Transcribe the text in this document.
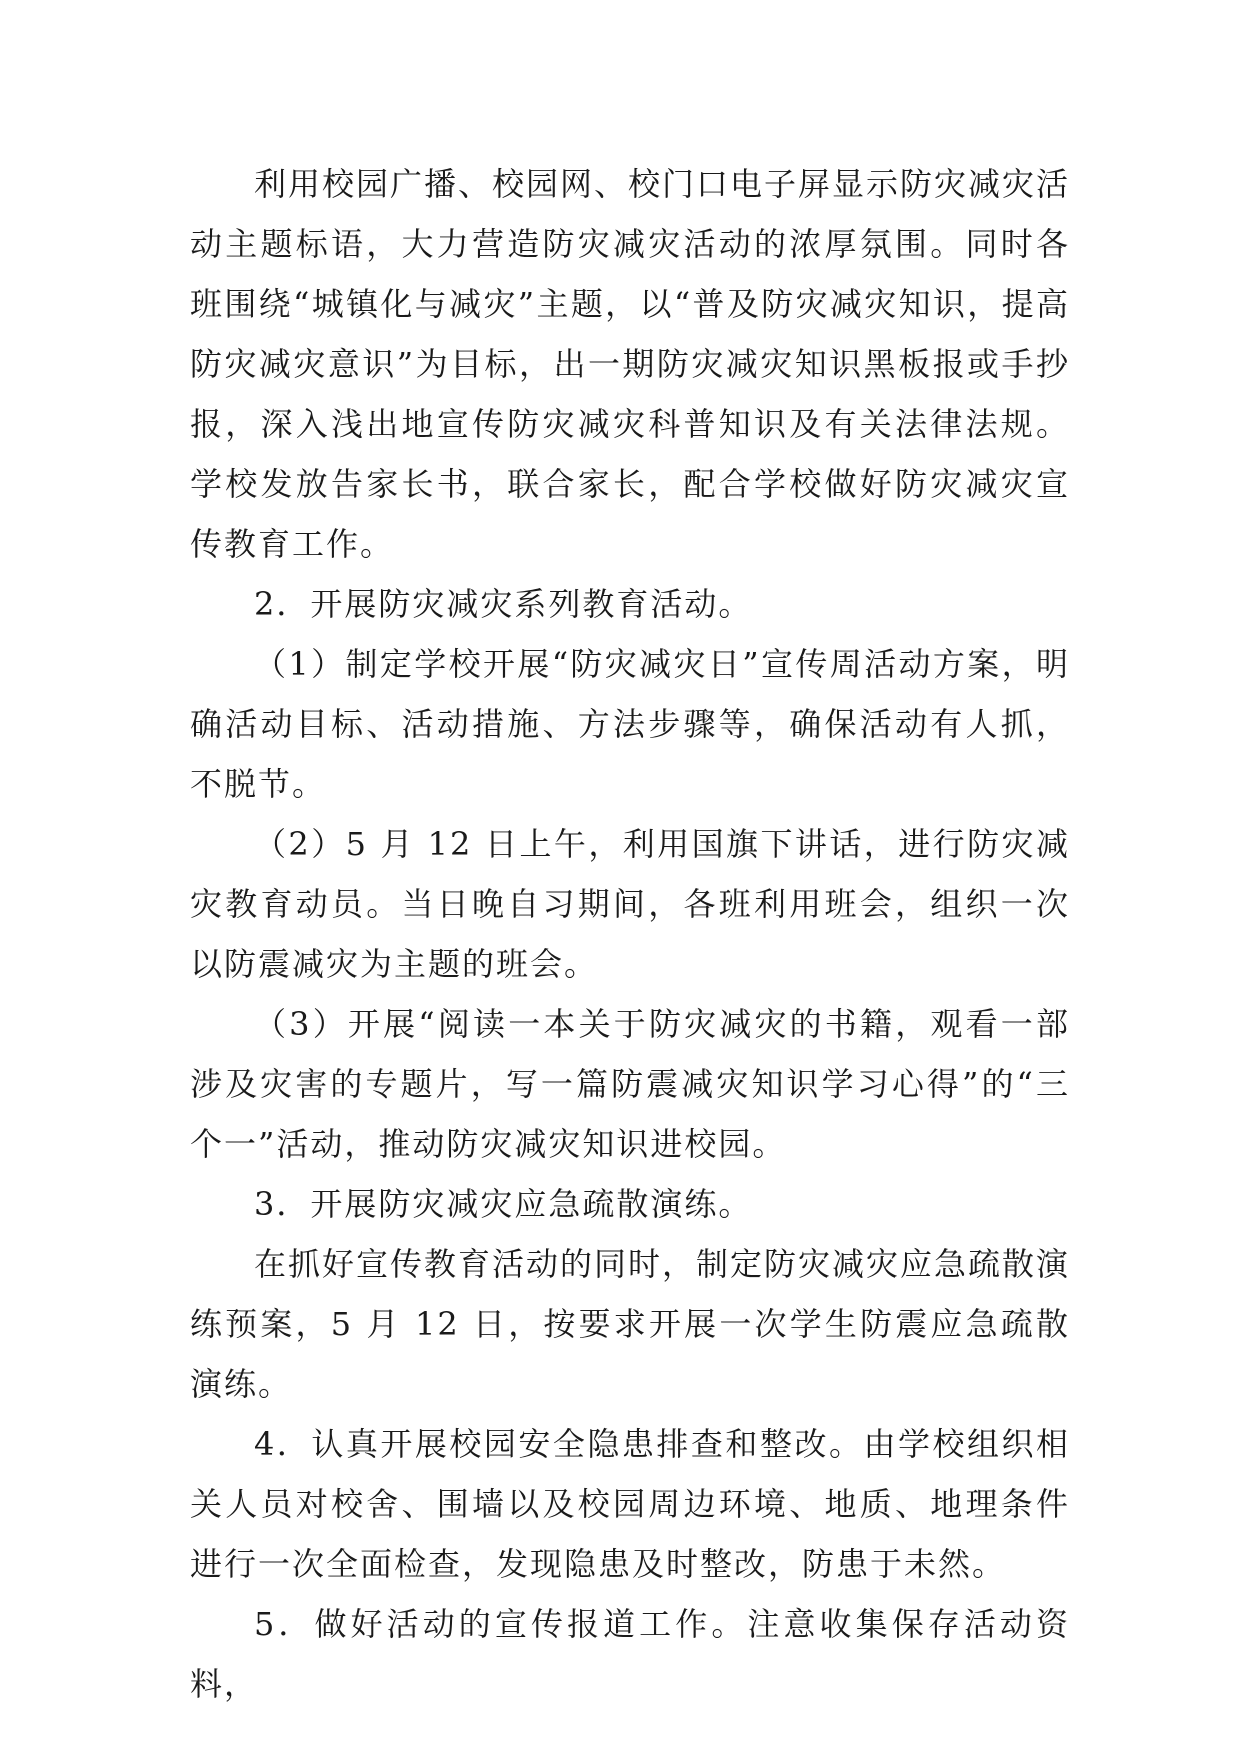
利用校园广播、校园网、校门口电子屏显示防灾减灾活动主题标语，大力营造防灾减灾活动的浓厚氛围。同时各班围绕“城镇化与减灾”主题，以“普及防灾减灾知识，提高防灾减灾意识”为目标，出一期防灾减灾知识黑板报或手抄报，深入浅出地宣传防灾减灾科普知识及有关法律法规。学校发放告家长书，联合家长，配合学校做好防灾减灾宣传教育工作。

2．开展防灾减灾系列教育活动。

（1）制定学校开展“防灾减灾日”宣传周活动方案，明确活动目标、活动措施、方法步骤等，确保活动有人抓，不脱节。

（2）5 月 12 日上午，利用国旗下讲话，进行防灾减灾教育动员。当日晚自习期间，各班利用班会，组织一次以防震减灾为主题的班会。

（3）开展“阅读一本关于防灾减灾的书籍，观看一部涉及灾害的专题片，写一篇防震减灾知识学习心得”的“三个一”活动，推动防灾减灾知识进校园。

3．开展防灾减灾应急疏散演练。

在抓好宣传教育活动的同时，制定防灾减灾应急疏散演练预案，5 月 12 日，按要求开展一次学生防震应急疏散演练。

4．认真开展校园安全隐患排查和整改。由学校组织相关人员对校舍、围墙以及校园周边环境、地质、地理条件进行一次全面检查，发现隐患及时整改，防患于未然。

5．做好活动的宣传报道工作。注意收集保存活动资料，
